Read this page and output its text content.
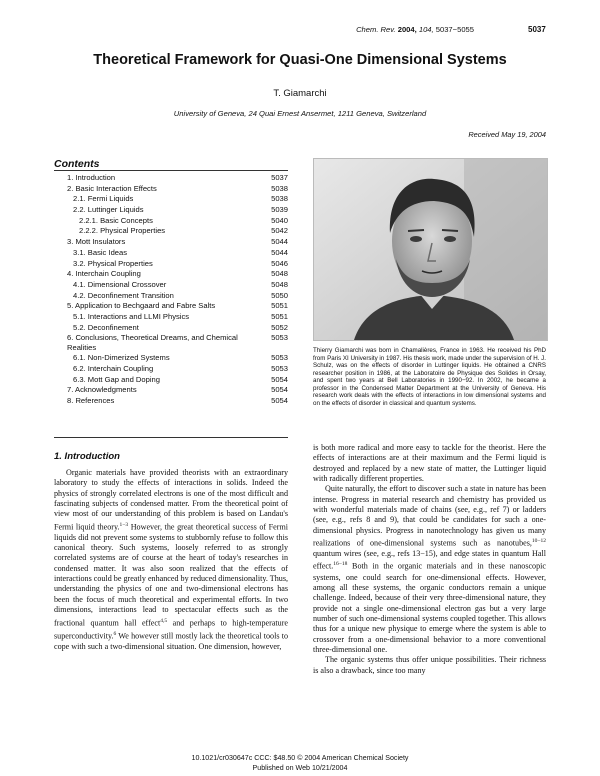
Chem. Rev. 2004, 104, 5037−5055	5037
Theoretical Framework for Quasi-One Dimensional Systems
T. Giamarchi
University of Geneva, 24 Quai Ernest Ansermet, 1211 Geneva, Switzerland
Received May 19, 2004
Contents
1. Introduction	5037
2. Basic Interaction Effects	5038
2.1. Fermi Liquids	5038
2.2. Luttinger Liquids	5039
2.2.1. Basic Concepts	5040
2.2.2. Physical Properties	5042
3. Mott Insulators	5044
3.1. Basic Ideas	5044
3.2. Physical Properties	5046
4. Interchain Coupling	5048
4.1. Dimensional Crossover	5048
4.2. Deconfinement Transition	5050
5. Application to Bechgaard and Fabre Salts	5051
5.1. Interactions and LLMI Physics	5051
5.2. Deconfinement	5052
6. Conclusions, Theoretical Dreams, and Chemical Realities
5053
6.1. Non-Dimerized Systems	5053
6.2. Interchain Coupling	5053
6.3. Mott Gap and Doping	5054
7. Acknowledgments	5054
8. References	5054
Thierry Giamarchi was born in Chamalières, France in 1963. He received his PhD from Paris XI University in 1987. His thesis work, made under the supervision of H. J. Schulz, was on the effects of disorder in Luttinger liquids. He obtained a CNRS researcher position in 1986, at the Laboratoire de Physique des Solides in Orsay, and spent two years at Bell Laboratories in 1990−92. In 2002, he became a professor in the Condensed Matter Department at the University of Geneva. His research work deals with the effects of interactions in low dimensional systems and on the effects of disorder in classical and quantum systems.
1. Introduction

Organic materials have provided theorists with an extraordinary laboratory to study the effects of interactions in solids. Indeed the physics of strongly correlated electrons is one of the most difficult and fascinating subjects of condensed matter. From the theoretical point of view most of our understanding of this problem is based on Landau's Fermi liquid theory.$^{1-3}$ However, the great theoretical success of Fermi liquids did not prevent some systems to stubbornly refuse to follow this canonical theory. Such systems, loosely referred to as strongly correlated systems are of course at the heart of today's researches in condensed matter. It was also soon realized that the effects of interactions could be greatly enhanced by reduced dimensionality. Thus, understanding the physics of one and two-dimensional electrons has been the focus of much theoretical and experimental efforts. In two dimensions, interactions lead to spectacular effects such as the fractional quantum hall effect$^{4,5}$ and perhaps to high-temperature superconductivity.$^6$ We however still mostly lack the theoretical tools to cope with such a two-dimensional situation. One dimension, however,

is both more radical and more easy to tackle for the theorist. Here the effects of interactions are at their maximum and the Fermi liquid is destroyed and replaced by a new state of matter, the Luttinger liquid with radically different properties.

Quite naturally, the effort to discover such a state in nature has been intense. Progress in material research and chemistry has provided us with wonderful materials made of chains (see, e.g., ref 7) or ladders (see, e.g., refs 8 and 9), that could be candidates for such a one-dimensional physics. Progress in nanotechnology has given us many realizations of one-dimensional systems such as nanotubes,$^{10-12}$ quantum wires (see, e.g., refs 13−15), and edge states in quantum Hall effect.$^{16-18}$ Both in the organic materials and in these nanoscopic systems, one could search for one-dimensional effects. However, among all these systems, the organic conductors remain a unique challenge. Indeed, because of their very three-dimensional nature, they provide not a single one-dimensional electron gas but a very large number of such one-dimensional systems coupled together. This allows thus for a unique new physique to emerge where the system is able to crossover from a one-dimensional behavior to a more conventional three-dimensional one.

The organic systems thus offer unique possibilities. Their richness is also a drawback, since too many

10.1021/cr030647c CCC: $48.50 © 2004 American Chemical Society
Published on Web 10/21/2004
